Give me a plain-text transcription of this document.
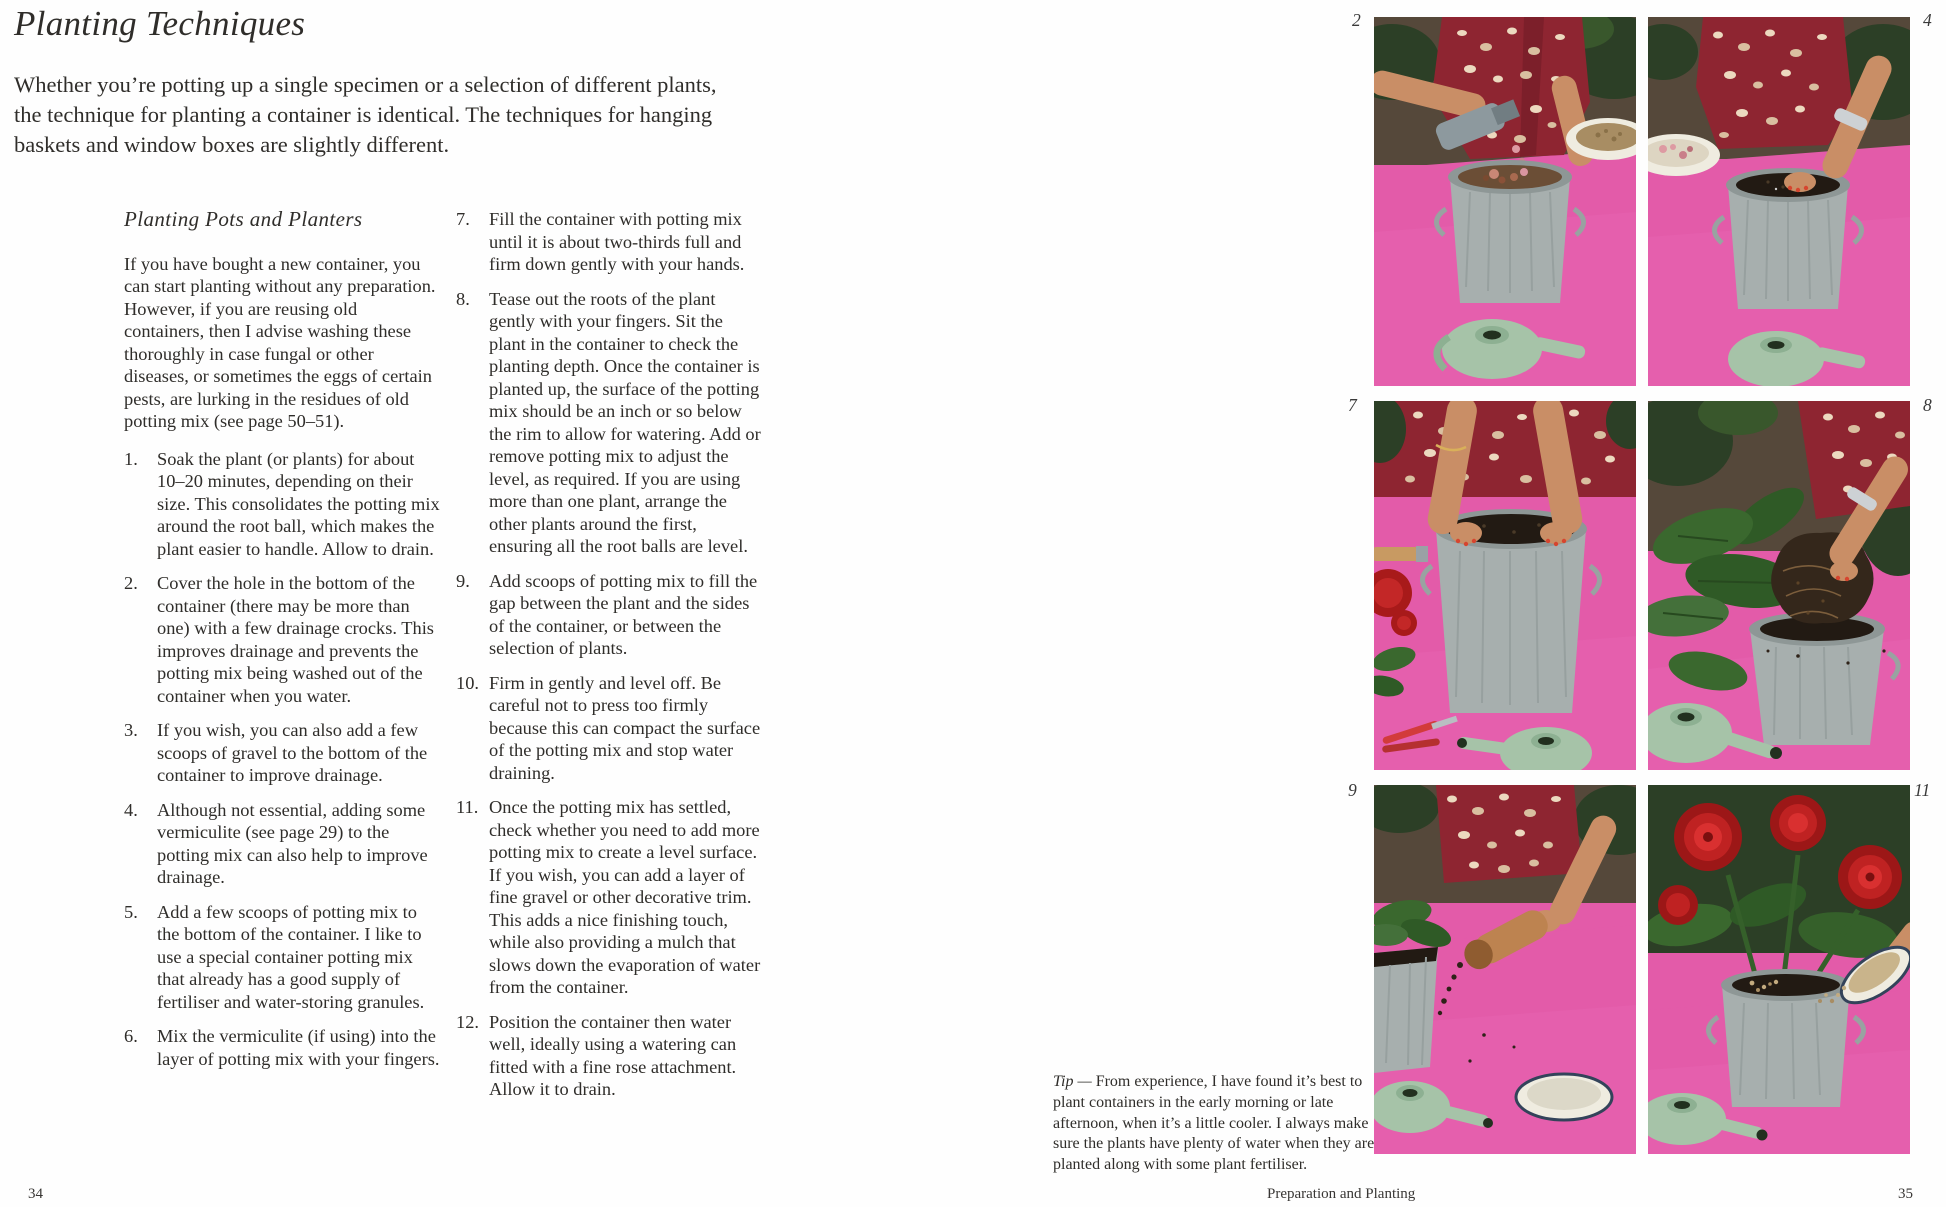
Planting Techniques
Whether you’re potting up a single specimen or a selection of different plants,
the technique for planting a container is identical. The techniques for hanging
baskets and window boxes are slightly different.
Planting Pots and Planters

If you have bought a new container, you can start planting without any preparation. However, if you are reusing old containers, then I advise washing these thoroughly in case fungal or other diseases, or sometimes the eggs of certain pests, are lurking in the residues of old potting mix (see page 50–51).

1.	Soak the plant (or plants) for about 10–20 minutes, depending on their size. This consolidates the potting mix around the root ball, which makes the plant easier to handle. Allow to drain.
2.	Cover the hole in the bottom of the container (there may be more than one) with a few drainage crocks. This improves drainage and prevents the potting mix being washed out of the container when you water.
3.	If you wish, you can also add a few scoops of gravel to the bottom of the container to improve drainage.
4.	Although not essential, adding some vermiculite (see page 29) to the potting mix can also help to improve drainage.
5.	Add a few scoops of potting mix to the bottom of the container. I like to use a special container potting mix that already has a good supply of fertiliser and water-storing granules.
6.	Mix the vermiculite (if using) into the layer of potting mix with your fingers.
7.	Fill the container with potting mix until it is about two-thirds full and firm down gently with your hands.
8.	Tease out the roots of the plant gently with your fingers. Sit the plant in the container to check the planting depth. Once the container is planted up, the surface of the potting mix should be an inch or so below the rim to allow for watering. Add or remove potting mix to adjust the level, as required. If you are using more than one plant, arrange the other plants around the first, ensuring all the root balls are level.
9.	Add scoops of potting mix to fill the gap between the plant and the sides of the container, or between the selection of plants.
10. Firm in gently and level off. Be careful not to press too firmly because this can compact the surface of the potting mix and stop water draining.
11. Once the potting mix has settled, check whether you need to add more potting mix to create a level surface. If you wish, you can add a layer of fine gravel or other decorative trim. This adds a nice finishing touch, while also providing a mulch that slows down the evaporation of water from the container.
12. Position the container then water well, ideally using a watering can fitted with a fine rose attachment. Allow it to drain.
2	4
7	8
9	11

Tip — From experience, I have found it’s best to plant containers in the early morning or late afternoon, when it’s a little cooler. I always make sure the plants have plenty of water when they are planted along with some plant fertiliser.

34	Preparation and Planting	35
